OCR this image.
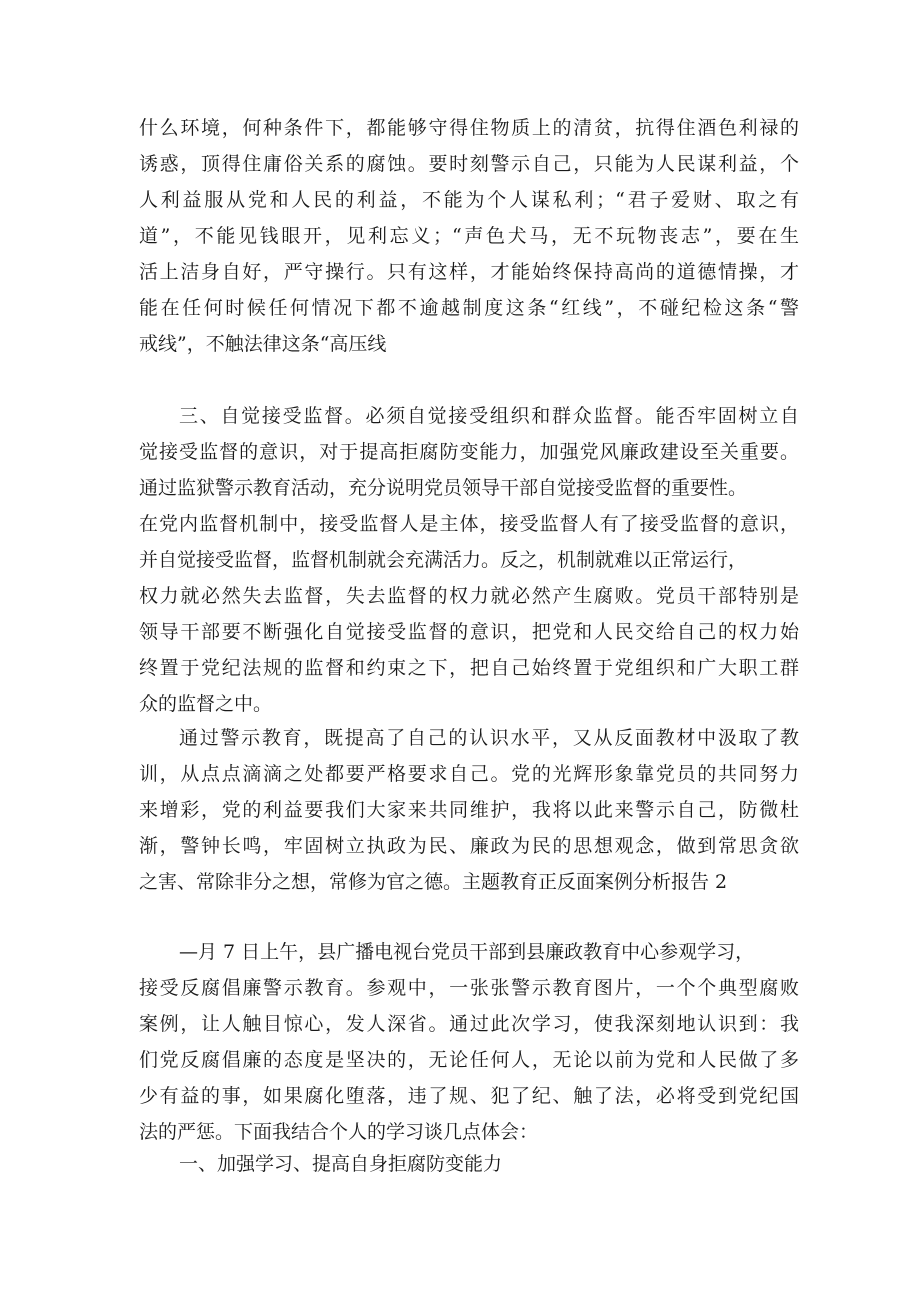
什么环境，何种条件下，都能够守得住物质上的清贫，抗得住酒色利禄的
诱惑，顶得住庸俗关系的腐蚀。要时刻警示自己，只能为人民谋利益，个
人利益服从党和人民的利益，不能为个人谋私利；“君子爱财、取之有
道”，不能见钱眼开，见利忘义；“声色犬马，无不玩物丧志”，要在生
活上洁身自好，严守操行。只有这样，才能始终保持高尚的道德情操，才
能在任何时候任何情况下都不逾越制度这条“红线”，不碰纪检这条“警
戒线”，不触法律这条“高压线
三、自觉接受监督。必须自觉接受组织和群众监督。能否牢固树立自
觉接受监督的意识，对于提高拒腐防变能力，加强党风廉政建设至关重要。
通过监狱警示教育活动，充分说明党员领导干部自觉接受监督的重要性。
在党内监督机制中，接受监督人是主体，接受监督人有了接受监督的意识，
并自觉接受监督，监督机制就会充满活力。反之，机制就难以正常运行，
权力就必然失去监督，失去监督的权力就必然产生腐败。党员干部特别是
领导干部要不断强化自觉接受监督的意识，把党和人民交给自己的权力始
终置于党纪法规的监督和约束之下，把自己始终置于党组织和广大职工群
众的监督之中。
通过警示教育，既提高了自己的认识水平，又从反面教材中汲取了教
训，从点点滴滴之处都要严格要求自己。党的光辉形象靠党员的共同努力
来增彩，党的利益要我们大家来共同维护，我将以此来警示自己，防微杜
渐，警钟长鸣，牢固树立执政为民、廉政为民的思想观念，做到常思贪欲
之害、常除非分之想，常修为官之德。主题教育正反面案例分析报告 2
—月 7 日上午，县广播电视台党员干部到县廉政教育中心参观学习，
接受反腐倡廉警示教育。参观中，一张张警示教育图片，一个个典型腐败
案例，让人触目惊心，发人深省。通过此次学习，使我深刻地认识到：我
们党反腐倡廉的态度是坚决的，无论任何人，无论以前为党和人民做了多
少有益的事，如果腐化堕落，违了规、犯了纪、触了法，必将受到党纪国
法的严惩。下面我结合个人的学习谈几点体会：
一、加强学习、提高自身拒腐防变能力
